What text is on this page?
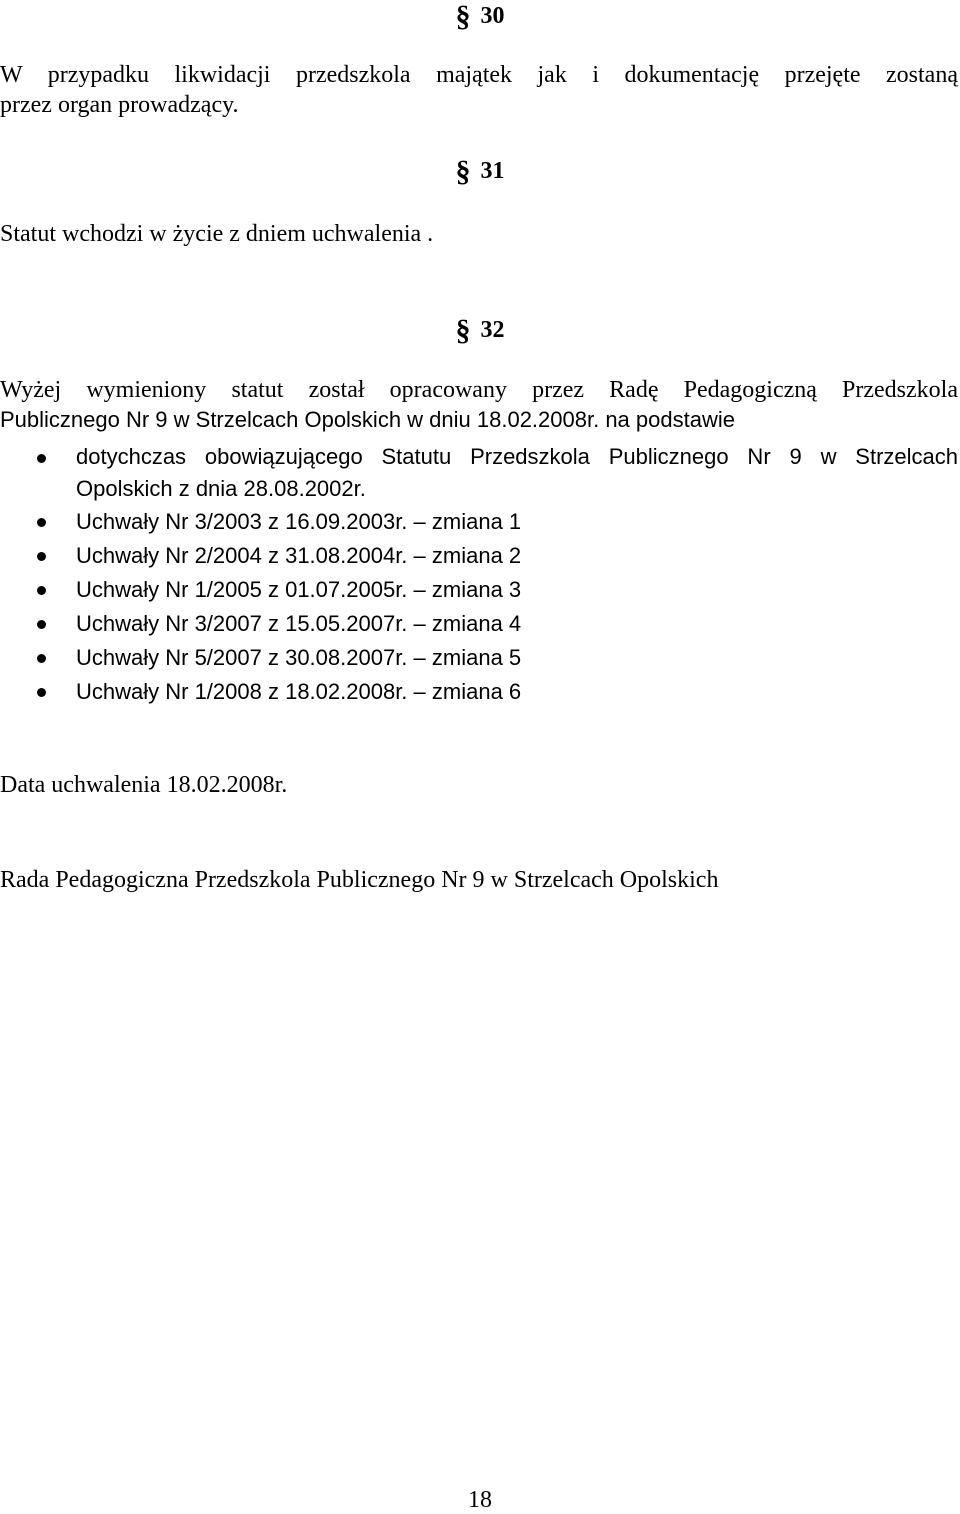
§ 30

W przypadku likwidacji przedszkola majątek jak i dokumentację przejęte zostaną

przez organ prowadzący.

§ 31

Statut wchodzi w życie z dniem uchwalenia .

§ 32

Wyżej wymieniony statut został opracowany przez Radę Pedagogiczną Przedszkola

Publicznego Nr 9 w Strzelcach Opolskich w dniu 18.02.2008r. na podstawie

dotychczas obowiązującego Statutu Przedszkola Publicznego Nr 9 w Strzelcach
Opolskich z dnia 28.08.2002r.
Uchwały Nr 3/2003 z 16.09.2003r. – zmiana 1
Uchwały Nr 2/2004 z 31.08.2004r. – zmiana 2
Uchwały Nr 1/2005 z 01.07.2005r. – zmiana 3
Uchwały Nr 3/2007 z 15.05.2007r. – zmiana 4
Uchwały Nr 5/2007 z 30.08.2007r. – zmiana 5
Uchwały Nr 1/2008 z 18.02.2008r. – zmiana 6

Data uchwalenia 18.02.2008r.

Rada Pedagogiczna Przedszkola Publicznego Nr 9 w Strzelcach Opolskich

18
